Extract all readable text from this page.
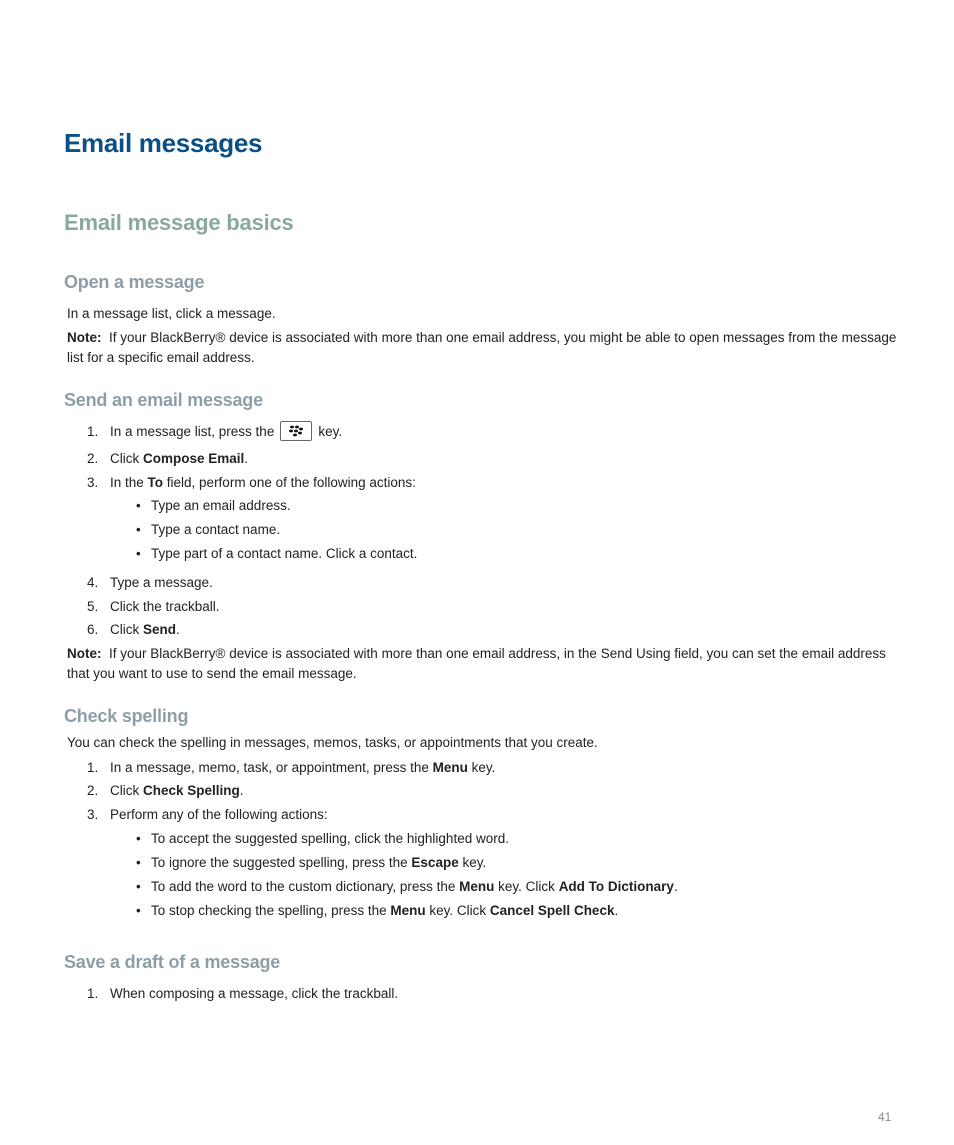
Email messages
Email message basics
Open a message
In a message list, click a message.
Note: If your BlackBerry® device is associated with more than one email address, you might be able to open messages from the message list for a specific email address.
Send an email message
1. In a message list, press the	key.
2. Click Compose Email.
3. In the To field, perform one of the following actions:
• Type an email address.
• Type a contact name.
• Type part of a contact name. Click a contact.
4. Type a message.
5. Click the trackball.
6. Click Send.
Note: If your BlackBerry® device is associated with more than one email address, in the Send Using field, you can set the email address that you want to use to send the email message.
Check spelling
You can check the spelling in messages, memos, tasks, or appointments that you create.
1. In a message, memo, task, or appointment, press the Menu key.
2. Click Check Spelling.
3. Perform any of the following actions:
• To accept the suggested spelling, click the highlighted word.
• To ignore the suggested spelling, press the Escape key.
• To add the word to the custom dictionary, press the Menu key. Click Add To Dictionary.
• To stop checking the spelling, press the Menu key. Click Cancel Spell Check.
Save a draft of a message
1. When composing a message, click the trackball.
41
